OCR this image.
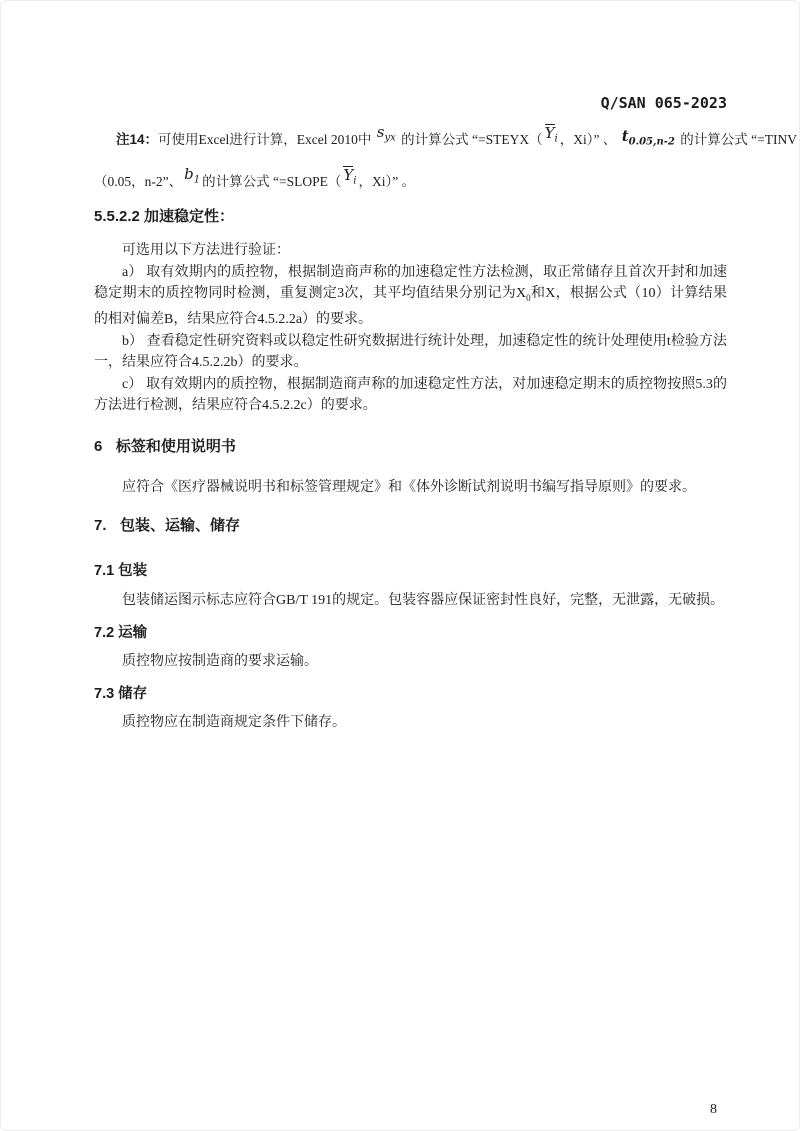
Q/SAN 065-2023
注14：可使用Excel进行计算，Excel 2010中 $s_{yx}$ 的计算公式 “=STEYX（ $Y_i$ ，Xi）” 、 $t_{0.05,n-2}$ 的计算公式 “=TINV
（0.05，n-2”、 $b_1$ 的计算公式 “=SLOPE（ $Y_i$ ，Xi）” 。
5.5.2.2 加速稳定性：

可选用以下方法进行验证：

a） 取有效期内的质控物，根据制造商声称的加速稳定性方法检测，取正常储存且首次开封和加速稳定期末的质控物同时检测，重复测定3次，其平均值结果分别记为$X_0$和X，根据公式（10）计算结果的相对偏差B，结果应符合4.5.2.2a）的要求。

b） 查看稳定性研究资料或以稳定性研究数据进行统计处理，加速稳定性的统计处理使用t检验方法一，结果应符合4.5.2.2b）的要求。

c） 取有效期内的质控物，根据制造商声称的加速稳定性方法，对加速稳定期末的质控物按照5.3的方法进行检测，结果应符合4.5.2.2c）的要求。

6 标签和使用说明书

应符合《医疗器械说明书和标签管理规定》和《体外诊断试剂说明书编写指导原则》的要求。

7. 包装、运输、储存
7.1 包装

包装储运图示标志应符合GB/T 191的规定。包装容器应保证密封性良好，完整，无泄露，无破损。

7.2 运输

质控物应按制造商的要求运输。

7.3 储存

质控物应在制造商规定条件下储存。

8
